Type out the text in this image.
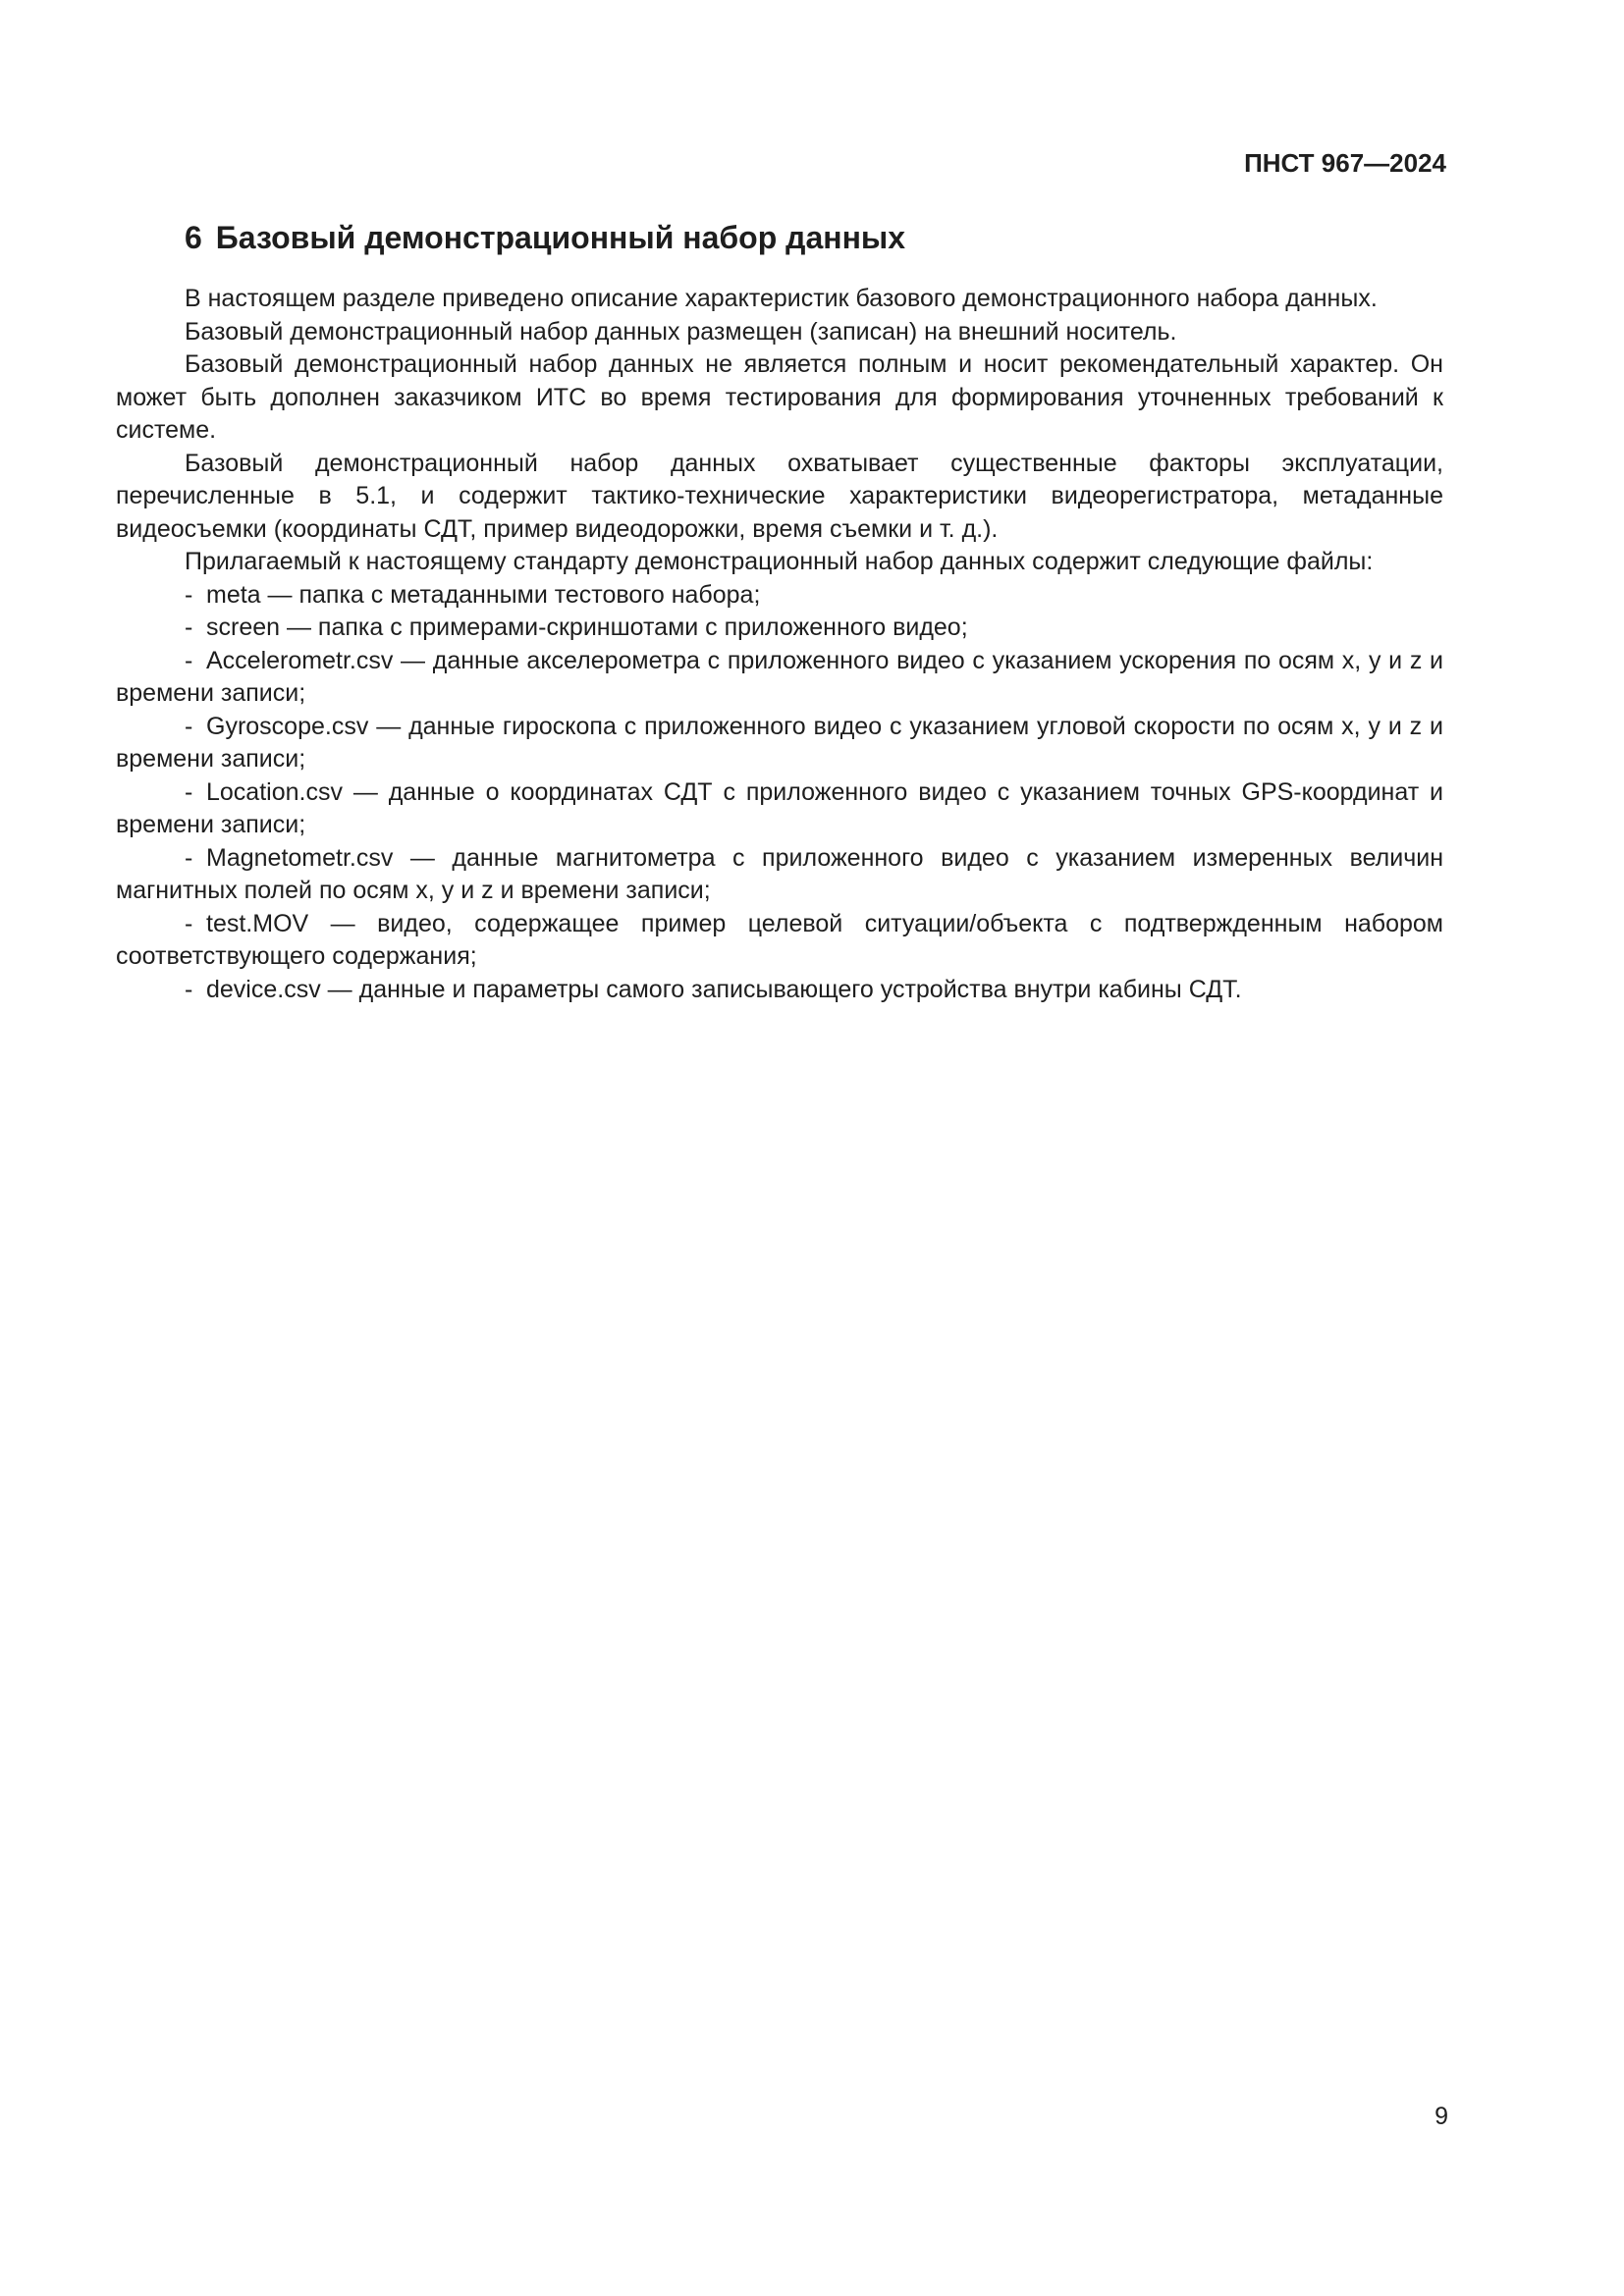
ПНСТ 967—2024

6 Базовый демонстрационный набор данных

В настоящем разделе приведено описание характеристик базового демонстрационного набора данных.

Базовый демонстрационный набор данных размещен (записан) на внешний носитель.

Базовый демонстрационный набор данных не является полным и носит рекомендательный характер. Он может быть дополнен заказчиком ИТС во время тестирования для формирования уточненных требований к системе.

Базовый демонстрационный набор данных охватывает существенные факторы эксплуатации, перечисленные в 5.1, и содержит тактико-технические характеристики видеорегистратора, метаданные видеосъемки (координаты СДТ, пример видеодорожки, время съемки и т. д.).

Прилагаемый к настоящему стандарту демонстрационный набор данных содержит следующие файлы:

- meta — папка с метаданными тестового набора;
- screen — папка с примерами-скриншотами с приложенного видео;
- Accelerometr.csv — данные акселерометра с приложенного видео с указанием ускорения по осям x, y и z и времени записи;
- Gyroscope.csv — данные гироскопа с приложенного видео с указанием угловой скорости по осям x, y и z и времени записи;
- Location.csv — данные о координатах СДТ с приложенного видео с указанием точных GPS-координат и времени записи;
- Magnetometr.csv — данные магнитометра с приложенного видео с указанием измеренных величин магнитных полей по осям x, y и z и времени записи;
- test.MOV — видео, содержащее пример целевой ситуации/объекта с подтвержденным набором соответствующего содержания;
- device.csv — данные и параметры самого записывающего устройства внутри кабины СДТ.

9
